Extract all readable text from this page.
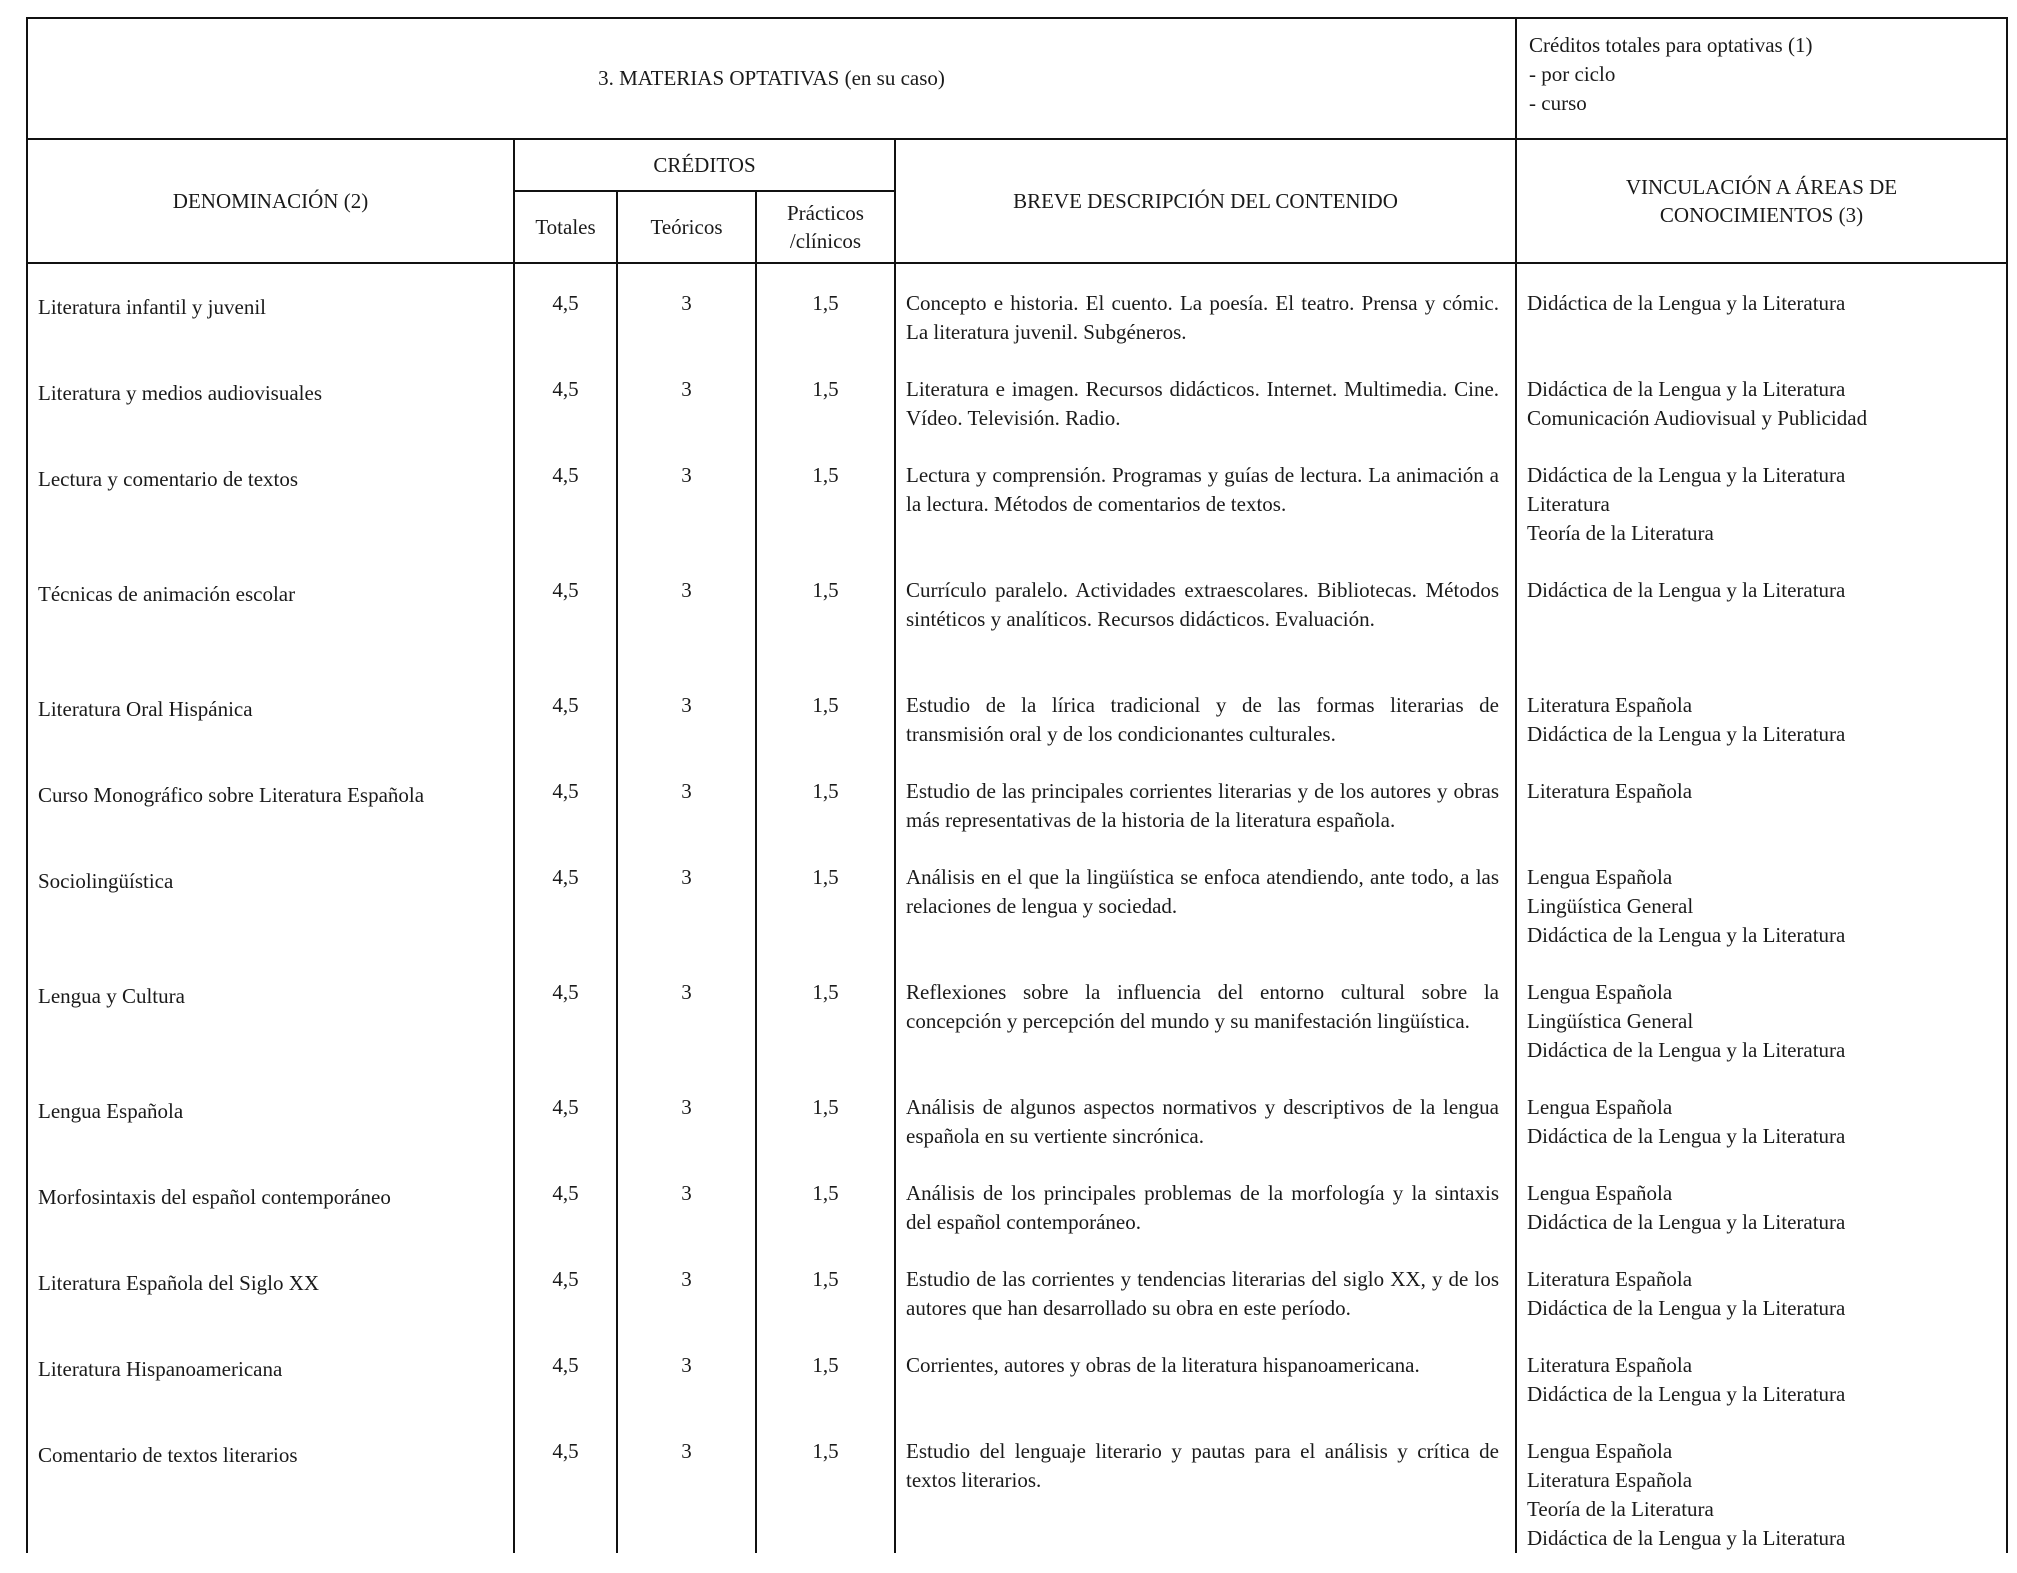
3. MATERIAS OPTATIVAS (en su caso)					Créditos totales para optativas (1)
- por ciclo
- curso

DENOMINACIÓN (2)	CRÉDITOS			BREVE DESCRIPCIÓN DEL CONTENIDO	VINCULACIÓN A ÁREAS DE
CONOCIMIENTOS (3)

	Totales	Teóricos	Prácticos
/clínicos		

Literatura infantil y juvenil	4,5	3	1,5	Concepto e historia. El cuento. La poesía. El teatro. Prensa y cómic. La literatura juvenil. Subgéneros.	Didáctica de la Lengua y la Literatura

Literatura y medios audiovisuales	4,5	3	1,5	Literatura e imagen. Recursos didácticos. Internet. Multimedia. Cine. Vídeo. Televisión. Radio.	Didáctica de la Lengua y la Literatura
Comunicación Audiovisual y Publicidad

Lectura y comentario de textos	4,5	3	1,5	Lectura y comprensión. Programas y guías de lectura. La animación a la lectura. Métodos de comentarios de textos.	Didáctica de la Lengua y la Literatura
Literatura
Teoría de la Literatura

Técnicas de animación escolar	4,5	3	1,5	Currículo paralelo. Actividades extraescolares. Bibliotecas. Métodos sintéticos y analíticos. Recursos didácticos. Evaluación.	Didáctica de la Lengua y la Literatura

Literatura Oral Hispánica	4,5	3	1,5	Estudio de la lírica tradicional y de las formas literarias de transmisión oral y de los condicionantes culturales.	Literatura Española
Didáctica de la Lengua y la Literatura

Curso Monográfico sobre Literatura Española	4,5	3	1,5	Estudio de las principales corrientes literarias y de los autores y obras más representativas de la historia de la literatura española.	Literatura Española

Sociolingüística	4,5	3	1,5	Análisis en el que la lingüística se enfoca atendiendo, ante todo, a las relaciones de lengua y sociedad.	Lengua Española
Lingüística General
Didáctica de la Lengua y la Literatura

Lengua y Cultura	4,5	3	1,5	Reflexiones sobre la influencia del entorno cultural sobre la concepción y percepción del mundo y su manifestación lingüística.	Lengua Española
Lingüística General
Didáctica de la Lengua y la Literatura

Lengua Española	4,5	3	1,5	Análisis de algunos aspectos normativos y descriptivos de la lengua española en su vertiente sincrónica.	Lengua Española
Didáctica de la Lengua y la Literatura

Morfosintaxis del español contemporáneo	4,5	3	1,5	Análisis de los principales problemas de la morfología y la sintaxis del español contemporáneo.	Lengua Española
Didáctica de la Lengua y la Literatura

Literatura Española del Siglo XX	4,5	3	1,5	Estudio de las corrientes y tendencias literarias del siglo XX, y de los autores que han desarrollado su obra en este período.	Literatura Española
Didáctica de la Lengua y la Literatura

Literatura Hispanoamericana	4,5	3	1,5	Corrientes, autores y obras de la literatura hispanoamericana.	Literatura Española
Didáctica de la Lengua y la Literatura

Comentario de textos literarios	4,5	3	1,5	Estudio del lenguaje literario y pautas para el análisis y crítica de textos literarios.	Lengua Española
Literatura Española
Teoría de la Literatura
Didáctica de la Lengua y la Literatura
